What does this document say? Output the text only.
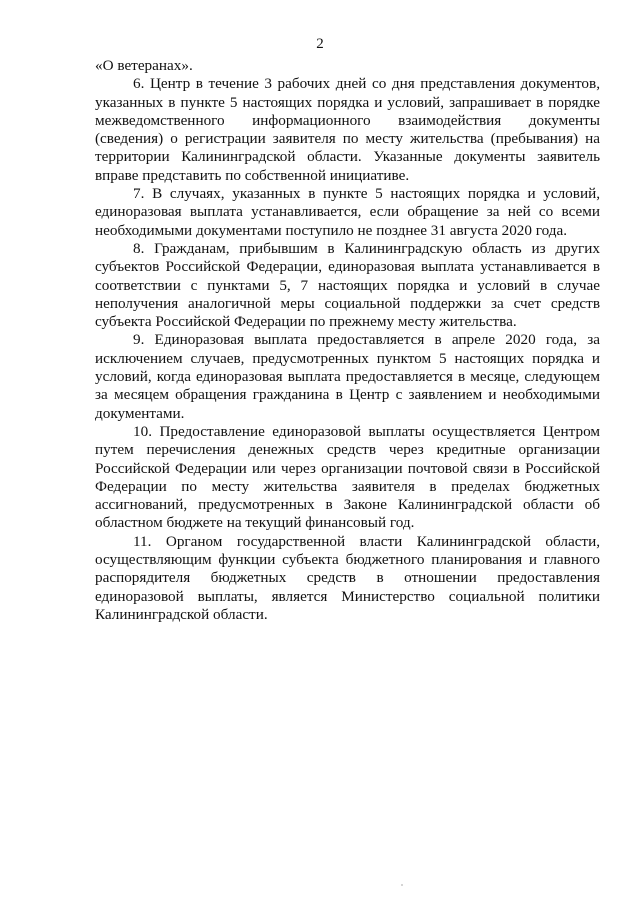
2

«О ветеранах».

6. Центр в течение 3 рабочих дней со дня представления документов, указанных в пункте 5 настоящих порядка и условий, запрашивает в порядке межведомственного информационного взаимодействия документы (сведения) о регистрации заявителя по месту жительства (пребывания) на территории Калининградской области. Указанные документы заявитель вправе представить по собственной инициативе.

7. В случаях, указанных в пункте 5 настоящих порядка и условий, единоразовая выплата устанавливается, если обращение за ней со всеми необходимыми документами поступило не позднее 31 августа 2020 года.

8. Гражданам, прибывшим в Калининградскую область из других субъектов Российской Федерации, единоразовая выплата устанавливается в соответствии с пунктами 5, 7 настоящих порядка и условий в случае неполучения аналогичной меры социальной поддержки за счет средств субъекта Российской Федерации по прежнему месту жительства.

9. Единоразовая выплата предоставляется в апреле 2020 года, за исключением случаев, предусмотренных пунктом 5 настоящих порядка и условий, когда единоразовая выплата предоставляется в месяце, следующем за месяцем обращения гражданина в Центр с заявлением и необходимыми документами.

10. Предоставление единоразовой выплаты осуществляется Центром путем перечисления денежных средств через кредитные организации Российской Федерации или через организации почтовой связи в Российской Федерации по месту жительства заявителя в пределах бюджетных ассигнований, предусмотренных в Законе Калининградской области об областном бюджете на текущий финансовый год.

11. Органом государственной власти Калининградской области, осуществляющим функции субъекта бюджетного планирования и главного распорядителя бюджетных средств в отношении предоставления единоразовой выплаты, является Министерство социальной политики Калининградской области.
